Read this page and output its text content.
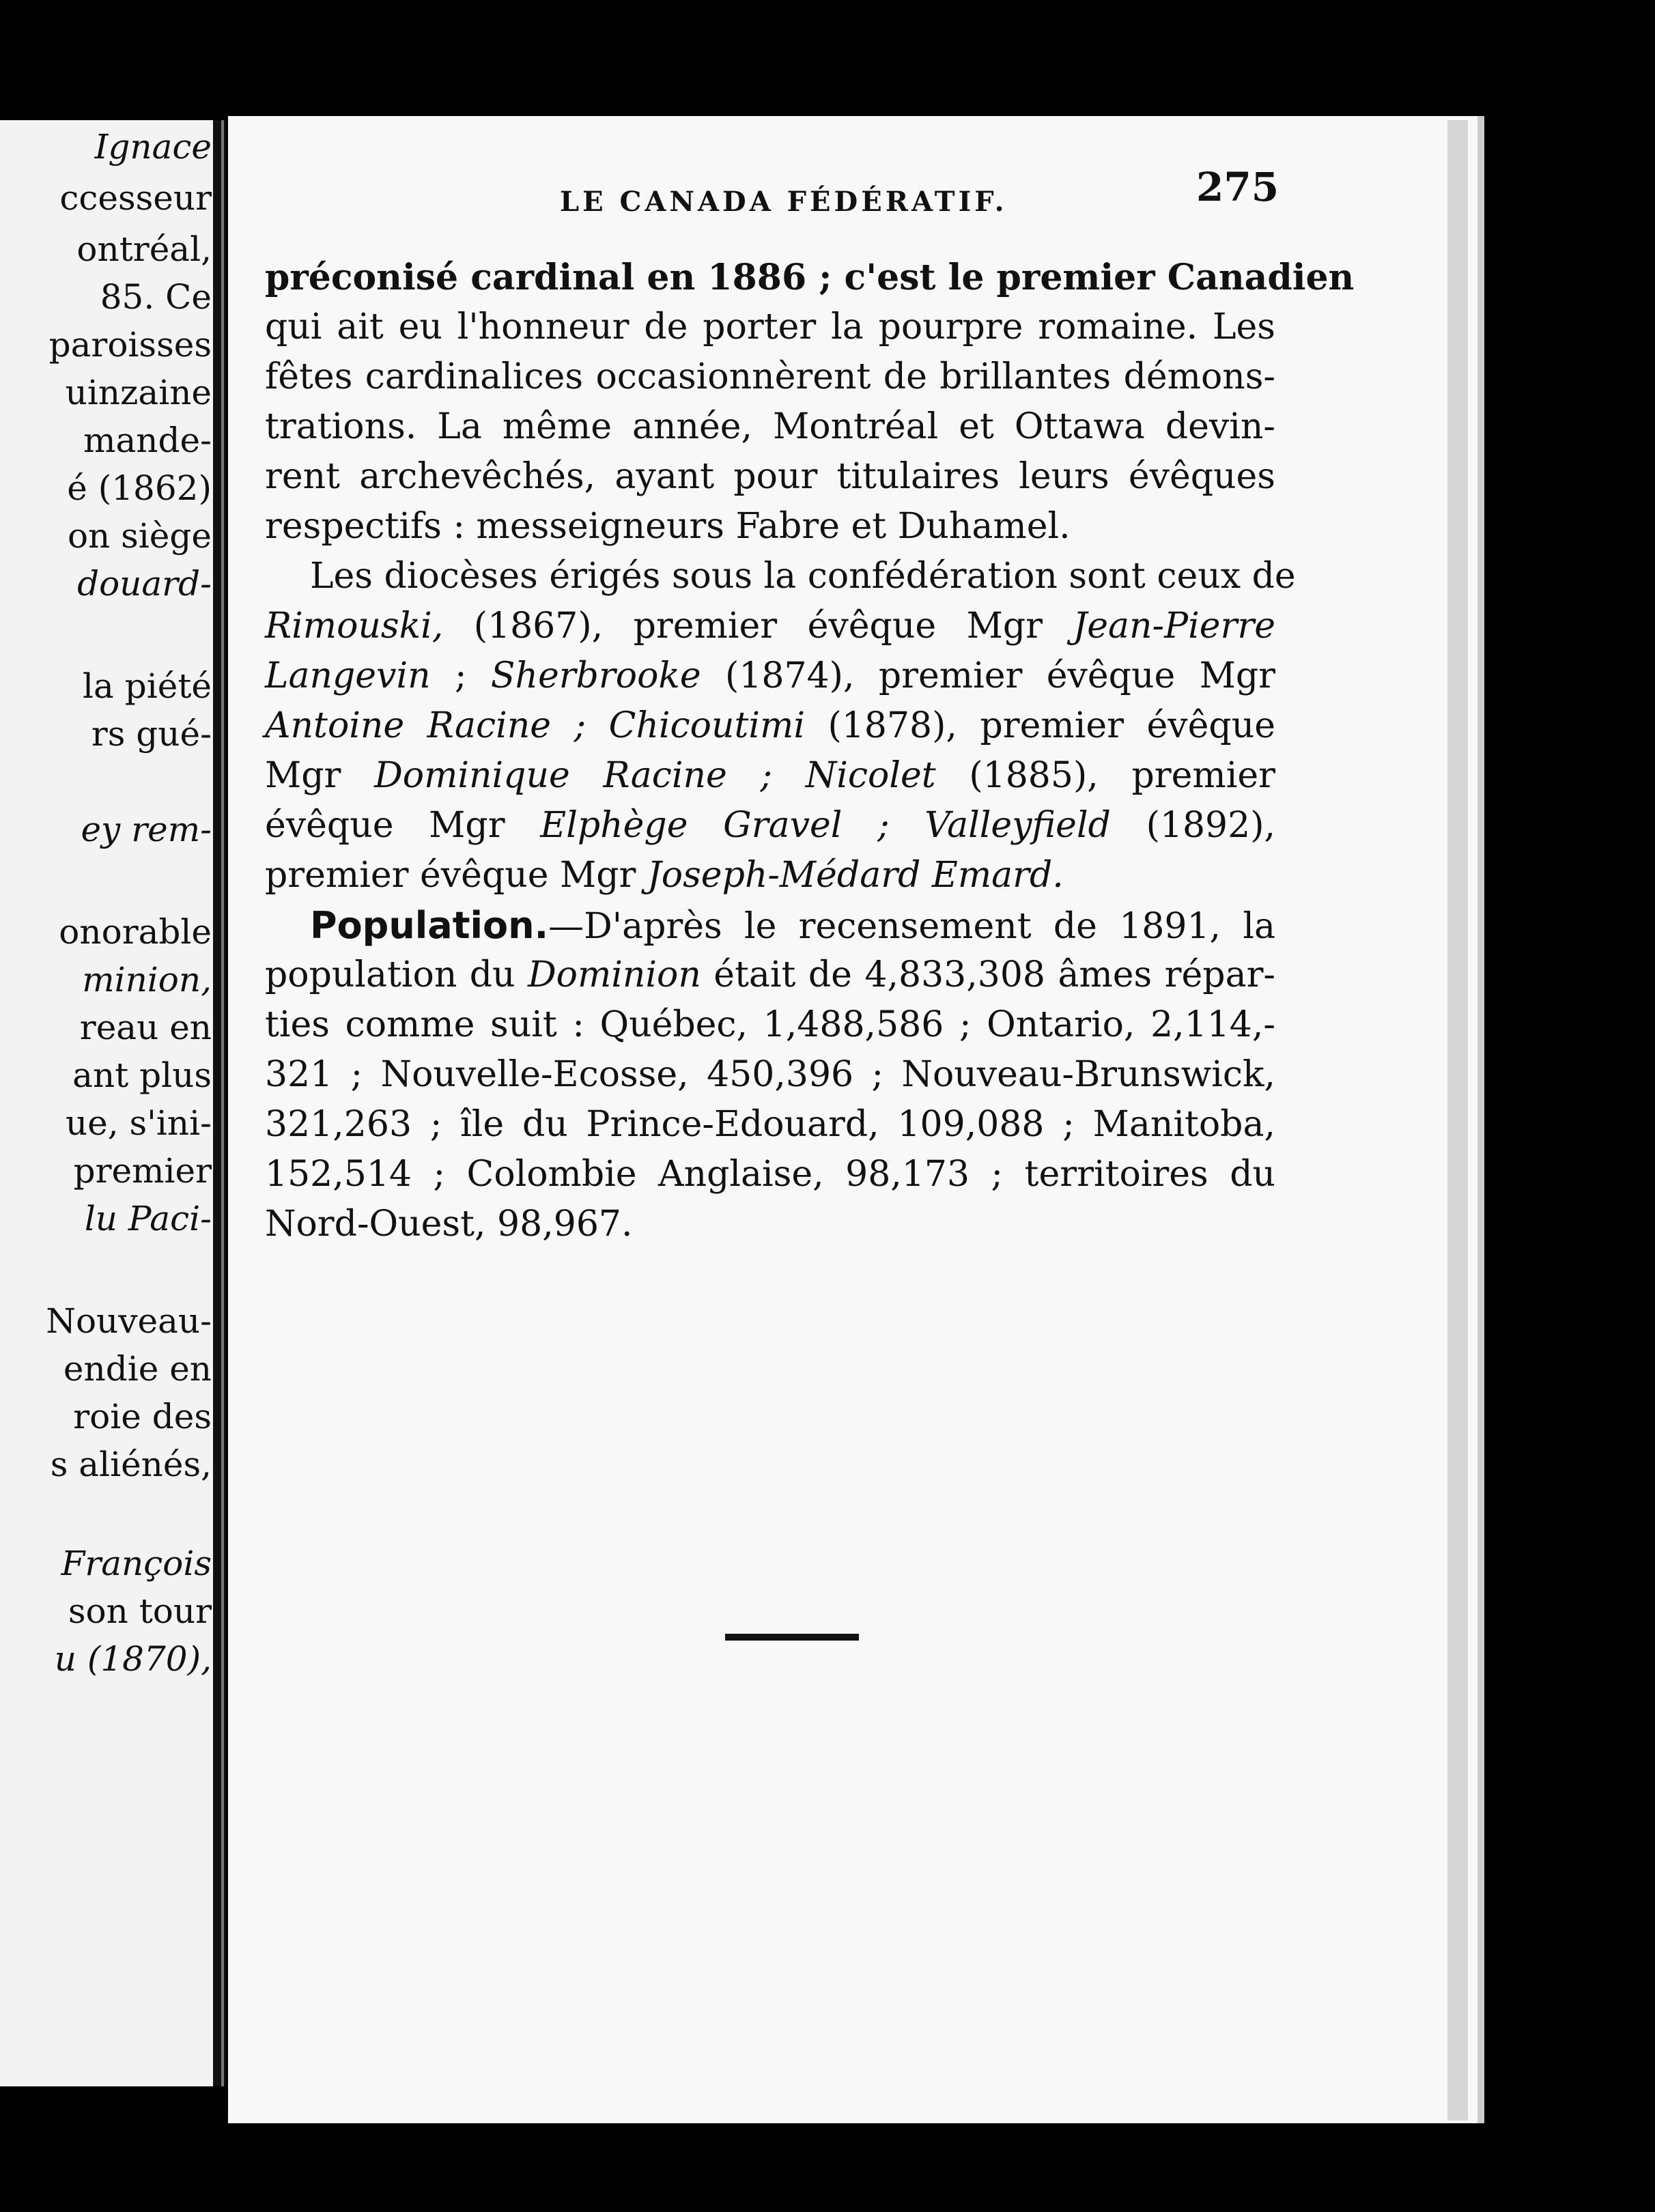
Ignace
ccesseur
ontréal,
85. Ce
paroisses
uinzaine
mande-
é (1862)
on siège
douard-
la piété
rs gué-
ey rem-
onorable
minion,
reau en
ant plus
ue, s'ini-
premier
lu Paci-
Nouveau-
endie en
roie des
s aliénés,
François
son tour
u (1870),
LE CANADA FÉDÉRATIF.	275
préconisé cardinal en 1886 ; c'est le premier Canadien
qui ait eu l'honneur de porter la pourpre romaine. Les
fêtes cardinalices occasionnèrent de brillantes démons-
trations. La même année, Montréal et Ottawa devin-
rent archevêchés, ayant pour titulaires leurs évêques
respectifs : messeigneurs Fabre et Duhamel.
Les diocèses érigés sous la confédération sont ceux de
Rimouski, (1867), premier évêque Mgr Jean-Pierre
Langevin ; Sherbrooke (1874), premier évêque Mgr
Antoine Racine ; Chicoutimi (1878), premier évêque
Mgr Dominique Racine ; Nicolet (1885), premier
évêque Mgr Elphège Gravel ; Valleyfield (1892),
premier évêque Mgr Joseph-Médard Emard.
Population.—D'après le recensement de 1891, la
population du Dominion était de 4,833,308 âmes répar-
ties comme suit : Québec, 1,488,586 ; Ontario, 2,114,-
321 ; Nouvelle-Ecosse, 450,396 ; Nouveau-Brunswick,
321,263 ; île du Prince-Edouard, 109,088 ; Manitoba,
152,514 ; Colombie Anglaise, 98,173 ; territoires du
Nord-Ouest, 98,967.
